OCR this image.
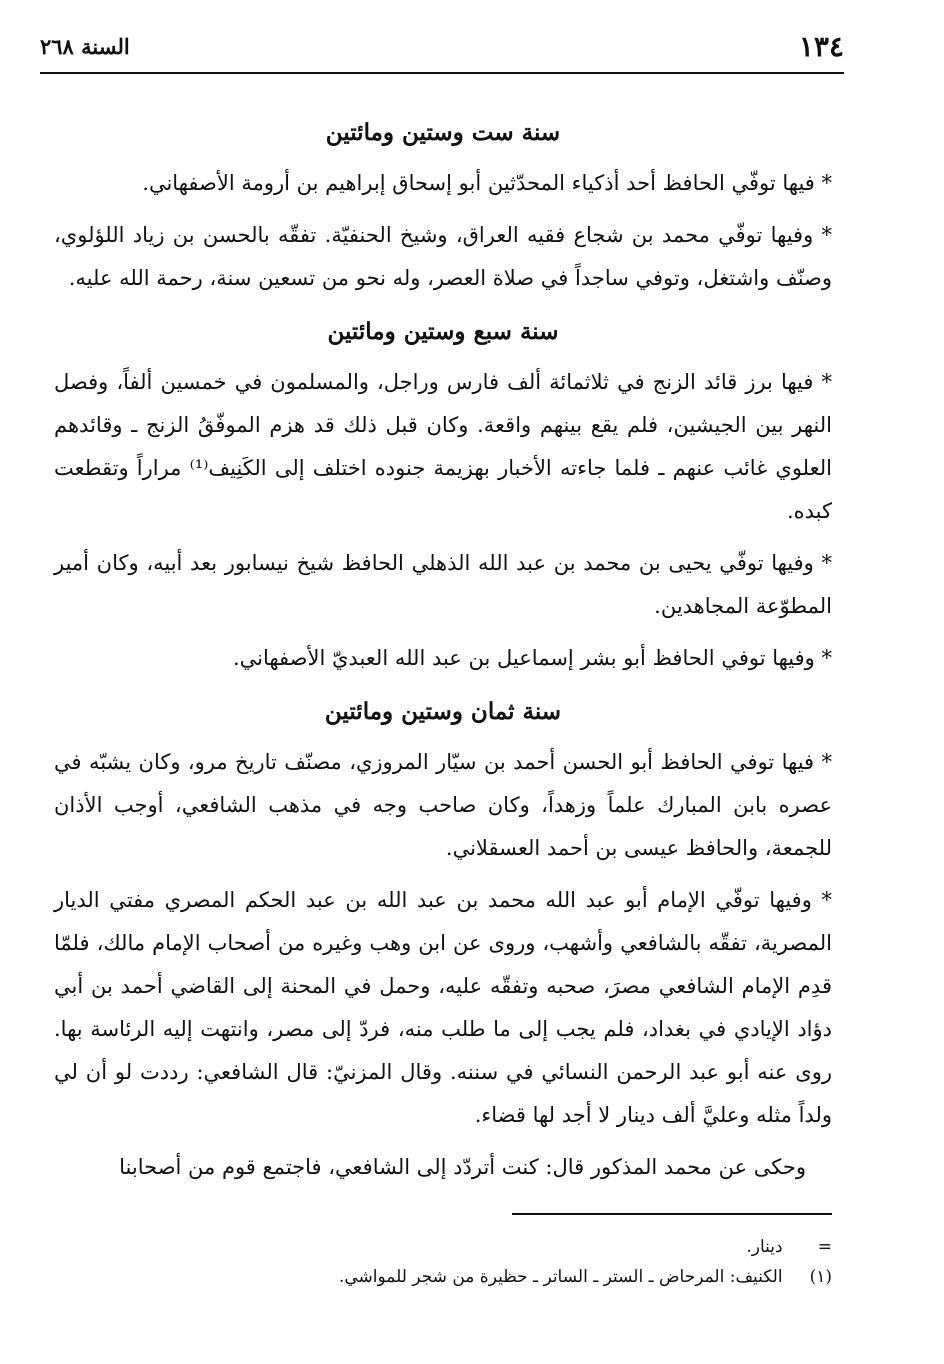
١٣٤
السنة ٢٦٨
سنة ست وستين ومائتين

* فيها توفّي الحافظ أحد أذكياء المحدّثين أبو إسحاق إبراهيم بن أرومة الأصفهاني.

* وفيها توفّي محمد بن شجاع فقيه العراق، وشيخ الحنفيّة. تفقّه بالحسن بن زياد اللؤلوي، وصنّف واشتغل، وتوفي ساجداً في صلاة العصر، وله نحو من تسعين سنة، رحمة الله عليه.

سنة سبع وستين ومائتين

* فيها برز قائد الزنج في ثلاثمائة ألف فارس وراجل، والمسلمون في خمسين ألفاً، وفصل النهر بين الجيشين، فلم يقع بينهم واقعة. وكان قبل ذلك قد هزم الموفّقُ الزنج ـ وقائدهم العلوي غائب عنهم ـ فلما جاءته الأخبار بهزيمة جنوده اختلف إلى الكَنِيف⁽¹⁾ مراراً وتقطعت كبده.

* وفيها توفّي يحيى بن محمد بن عبد الله الذهلي الحافظ شيخ نيسابور بعد أبيه، وكان أمير المطوّعة المجاهدين.

* وفيها توفي الحافظ أبو بشر إسماعيل بن عبد الله العبديّ الأصفهاني.

سنة ثمان وستين ومائتين

* فيها توفي الحافظ أبو الحسن أحمد بن سيّار المروزي، مصنّف تاريخ مرو، وكان يشبّه في عصره بابن المبارك علماً وزهداً، وكان صاحب وجه في مذهب الشافعي، أوجب الأذان للجمعة، والحافظ عيسى بن أحمد العسقلاني.

* وفيها توفّي الإمام أبو عبد الله محمد بن عبد الله بن عبد الحكم المصري مفتي الديار المصرية، تفقّه بالشافعي وأشهب، وروى عن ابن وهب وغيره من أصحاب الإمام مالك، فلمّا قدِم الإمام الشافعي مصرَ، صحبه وتفقّه عليه، وحمل في المحنة إلى القاضي أحمد بن أبي دؤاد الإيادي في بغداد، فلم يجب إلى ما طلب منه، فردّ إلى مصر، وانتهت إليه الرئاسة بها. روى عنه أبو عبد الرحمن النسائي في سننه. وقال المزنيّ: قال الشافعي: رددت لو أن لي ولداً مثله وعليَّ ألف دينار لا أجد لها قضاء.

وحكى عن محمد المذكور قال: كنت أتردّد إلى الشافعي، فاجتمع قوم من أصحابنا

= دينار.
(١) الكنيف: المرحاض ـ الستر ـ الساتر ـ حظيرة من شجر للمواشي.
